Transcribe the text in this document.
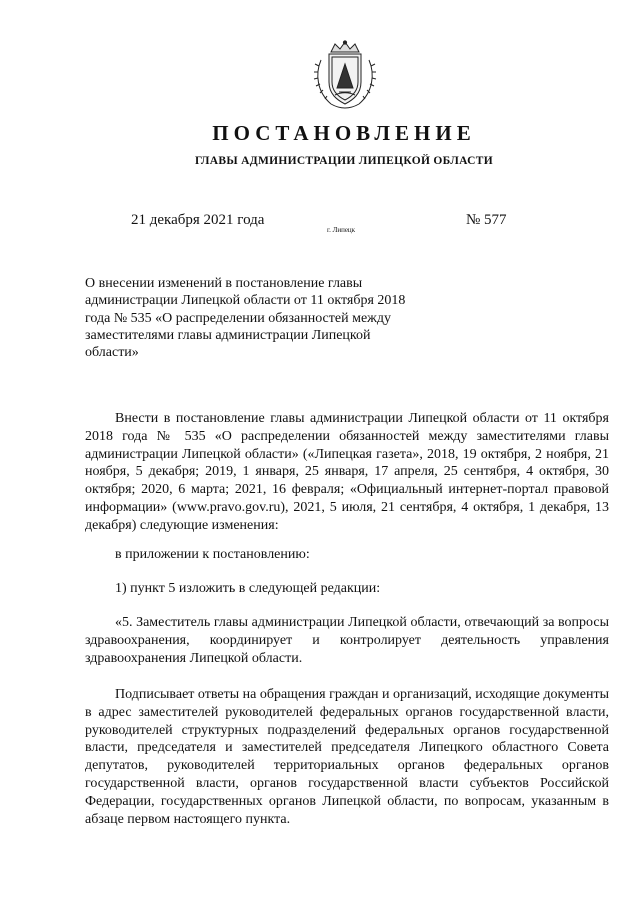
ПОСТАНОВЛЕНИЕ
ГЛАВЫ АДМИНИСТРАЦИИ ЛИПЕЦКОЙ ОБЛАСТИ
21 декабря 2021 года
г. Липецк
№ 577
О внесении изменений в постановление главы администрации Липецкой области от 11 октября 2018 года № 535 «О распределении обязанностей между заместителями главы администрации Липецкой области»
Внести в постановление главы администрации Липецкой области от 11 октября 2018 года № 535 «О распределении обязанностей между заместителями главы администрации Липецкой области» («Липецкая газета», 2018, 19 октября, 2 ноября, 21 ноября, 5 декабря; 2019, 1 января, 25 января, 17 апреля, 25 сентября, 4 октября, 30 октября; 2020, 6 марта; 2021, 16 февраля; «Официальный интернет-портал правовой информации» (www.pravo.gov.ru), 2021, 5 июля, 21 сентября, 4 октября, 1 декабря, 13 декабря) следующие изменения:
в приложении к постановлению:
1) пункт 5 изложить в следующей редакции:
«5. Заместитель главы администрации Липецкой области, отвечающий за вопросы здравоохранения, координирует и контролирует деятельность управления здравоохранения Липецкой области.
Подписывает ответы на обращения граждан и организаций, исходящие документы в адрес заместителей руководителей федеральных органов государственной власти, руководителей структурных подразделений федеральных органов государственной власти, председателя и заместителей председателя Липецкого областного Совета депутатов, руководителей территориальных органов федеральных органов государственной власти, органов государственной власти субъектов Российской Федерации, государственных органов Липецкой области, по вопросам, указанным в абзаце первом настоящего пункта.
